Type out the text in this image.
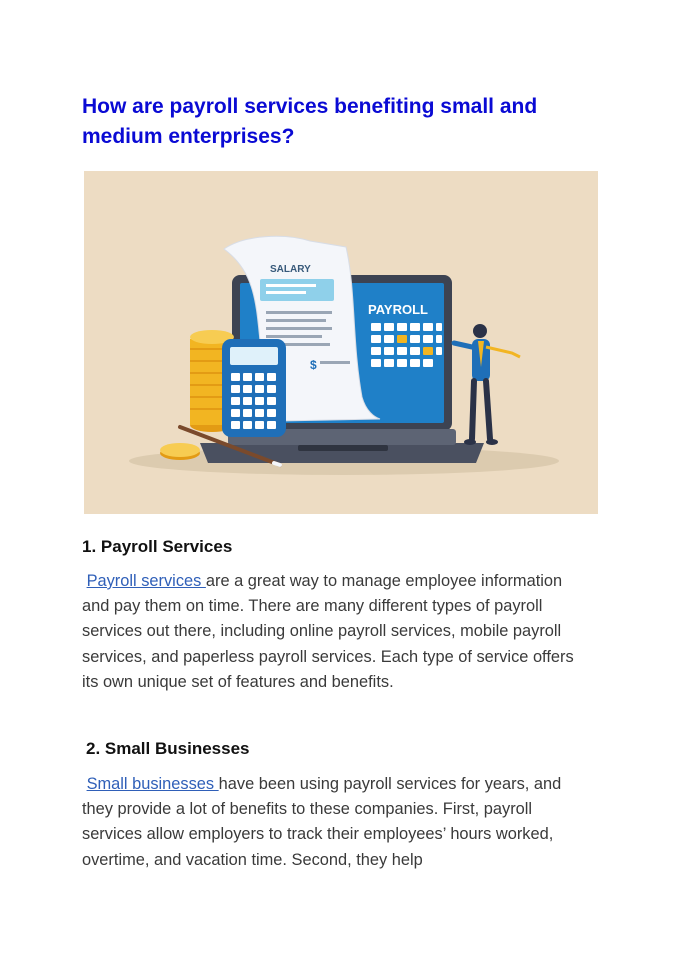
How are payroll services benefiting small and medium enterprises?
PAYROLL
SALARY
$
1. Payroll Services

Payroll services are a great way to manage employee information and pay them on time. There are many different types of payroll services out there, including online payroll services, mobile payroll services, and paperless payroll services. Each type of service offers its own unique set of features and benefits.

2. Small Businesses

Small businesses have been using payroll services for years, and they provide a lot of benefits to these companies. First, payroll services allow employers to track their employees’ hours worked, overtime, and vacation time. Second, they help
